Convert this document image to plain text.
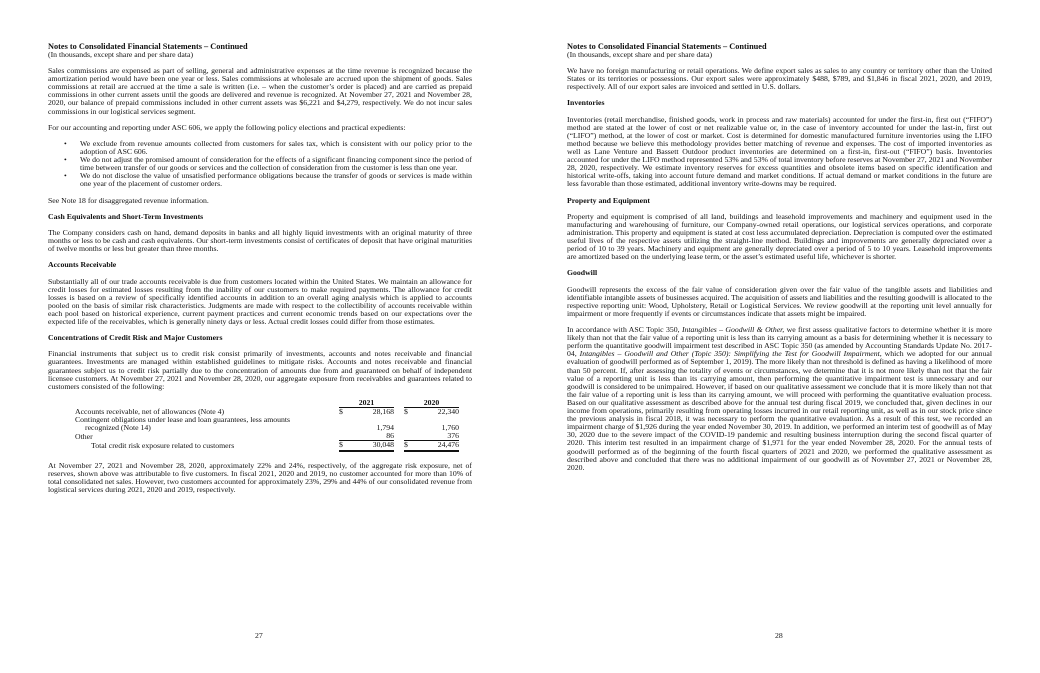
Notes to Consolidated Financial Statements – Continued
(In thousands, except share and per share data)

Sales commissions are expensed as part of selling, general and administrative expenses at the time revenue is recognized because the amortization period would have been one year or less. Sales commissions at wholesale are accrued upon the shipment of goods. Sales commissions at retail are accrued at the time a sale is written (i.e. – when the customer’s order is placed) and are carried as prepaid commissions in other current assets until the goods are delivered and revenue is recognized. At November 27, 2021 and November 28, 2020, our balance of prepaid commissions included in other current assets was $6,221 and $4,279, respectively. We do not incur sales commissions in our logistical services segment.

For our accounting and reporting under ASC 606, we apply the following policy elections and practical expedients:

• We exclude from revenue amounts collected from customers for sales tax, which is consistent with our policy prior to the adoption of ASC 606.
• We do not adjust the promised amount of consideration for the effects of a significant financing component since the period of time between transfer of our goods or services and the collection of consideration from the customer is less than one year.
• We do not disclose the value of unsatisfied performance obligations because the transfer of goods or services is made within one year of the placement of customer orders.

See Note 18 for disaggregated revenue information.

Cash Equivalents and Short-Term Investments

The Company considers cash on hand, demand deposits in banks and all highly liquid investments with an original maturity of three months or less to be cash and cash equivalents. Our short-term investments consist of certificates of deposit that have original maturities of twelve months or less but greater than three months.

Accounts Receivable

Substantially all of our trade accounts receivable is due from customers located within the United States. We maintain an allowance for credit losses for estimated losses resulting from the inability of our customers to make required payments. The allowance for credit losses is based on a review of specifically identified accounts in addition to an overall aging analysis which is applied to accounts pooled on the basis of similar risk characteristics. Judgments are made with respect to the collectibility of accounts receivable within each pool based on historical experience, current payment practices and current economic trends based on our expectations over the expected life of the receivables, which is generally ninety days or less. Actual credit losses could differ from those estimates.

Concentrations of Credit Risk and Major Customers

Financial instruments that subject us to credit risk consist primarily of investments, accounts and notes receivable and financial guarantees. Investments are managed within established guidelines to mitigate risks. Accounts and notes receivable and financial guarantees subject us to credit risk partially due to the concentration of amounts due from and guaranteed on behalf of independent licensee customers. At November 27, 2021 and November 28, 2020, our aggregate exposure from receivables and guarantees related to customers consisted of the following:

	2021			2020	
Accounts receivable, net of allowances (Note 4)	$	28,168		$	22,340
Contingent obligations under lease and loan guarantees, less amounts					
recognized (Note 14)		1,794			1,760
Other		86			376
Total credit risk exposure related to customers	$	30,048		$	24,476

At November 27, 2021 and November 28, 2020, approximately 22% and 24%, respectively, of the aggregate risk exposure, net of reserves, shown above was attributable to five customers. In fiscal 2021, 2020 and 2019, no customer accounted for more than 10% of total consolidated net sales. However, two customers accounted for approximately 23%, 29% and 44% of our consolidated revenue from logistical services during 2021, 2020 and 2019, respectively.

27
Notes to Consolidated Financial Statements – Continued
(In thousands, except share and per share data)

We have no foreign manufacturing or retail operations. We define export sales as sales to any country or territory other than the United States or its territories or possessions. Our export sales were approximately $488, $789, and $1,846 in fiscal 2021, 2020, and 2019, respectively. All of our export sales are invoiced and settled in U.S. dollars.

Inventories

Inventories (retail merchandise, finished goods, work in process and raw materials) accounted for under the first-in, first out (“FIFO”) method are stated at the lower of cost or net realizable value or, in the case of inventory accounted for under the last-in, first out (“LIFO”) method, at the lower of cost or market. Cost is determined for domestic manufactured furniture inventories using the LIFO method because we believe this methodology provides better matching of revenue and expenses. The cost of imported inventories as well as Lane Venture and Bassett Outdoor product inventories are determined on a first-in, first-out (“FIFO”) basis. Inventories accounted for under the LIFO method represented 53% and 53% of total inventory before reserves at November 27, 2021 and November 28, 2020, respectively. We estimate inventory reserves for excess quantities and obsolete items based on specific identification and historical write-offs, taking into account future demand and market conditions. If actual demand or market conditions in the future are less favorable than those estimated, additional inventory write-downs may be required.

Property and Equipment

Property and equipment is comprised of all land, buildings and leasehold improvements and machinery and equipment used in the manufacturing and warehousing of furniture, our Company-owned retail operations, our logistical services operations, and corporate administration. This property and equipment is stated at cost less accumulated depreciation. Depreciation is computed over the estimated useful lives of the respective assets utilizing the straight-line method. Buildings and improvements are generally depreciated over a period of 10 to 39 years. Machinery and equipment are generally depreciated over a period of 5 to 10 years. Leasehold improvements are amortized based on the underlying lease term, or the asset’s estimated useful life, whichever is shorter.

Goodwill

Goodwill represents the excess of the fair value of consideration given over the fair value of the tangible assets and liabilities and identifiable intangible assets of businesses acquired. The acquisition of assets and liabilities and the resulting goodwill is allocated to the respective reporting unit: Wood, Upholstery, Retail or Logistical Services. We review goodwill at the reporting unit level annually for impairment or more frequently if events or circumstances indicate that assets might be impaired.

In accordance with ASC Topic 350, Intangibles – Goodwill & Other, we first assess qualitative factors to determine whether it is more likely than not that the fair value of a reporting unit is less than its carrying amount as a basis for determining whether it is necessary to perform the quantitative goodwill impairment test described in ASC Topic 350 (as amended by Accounting Standards Update No. 2017-04, Intangibles – Goodwill and Other (Topic 350): Simplifying the Test for Goodwill Impairment, which we adopted for our annual evaluation of goodwill performed as of September 1, 2019). The more likely than not threshold is defined as having a likelihood of more than 50 percent. If, after assessing the totality of events or circumstances, we determine that it is not more likely than not that the fair value of a reporting unit is less than its carrying amount, then performing the quantitative impairment test is unnecessary and our goodwill is considered to be unimpaired. However, if based on our qualitative assessment we conclude that it is more likely than not that the fair value of a reporting unit is less than its carrying amount, we will proceed with performing the quantitative evaluation process. Based on our qualitative assessment as described above for the annual test during fiscal 2019, we concluded that, given declines in our income from operations, primarily resulting from operating losses incurred in our retail reporting unit, as well as in our stock price since the previous analysis in fiscal 2018, it was necessary to perform the quantitative evaluation. As a result of this test, we recorded an impairment charge of $1,926 during the year ended November 30, 2019. In addition, we performed an interim test of goodwill as of May 30, 2020 due to the severe impact of the COVID-19 pandemic and resulting business interruption during the second fiscal quarter of 2020. This interim test resulted in an impairment charge of $1,971 for the year ended November 28, 2020. For the annual tests of goodwill performed as of the beginning of the fourth fiscal quarters of 2021 and 2020, we performed the qualitative assessment as described above and concluded that there was no additional impairment of our goodwill as of November 27, 2021 or November 28, 2020.

28
